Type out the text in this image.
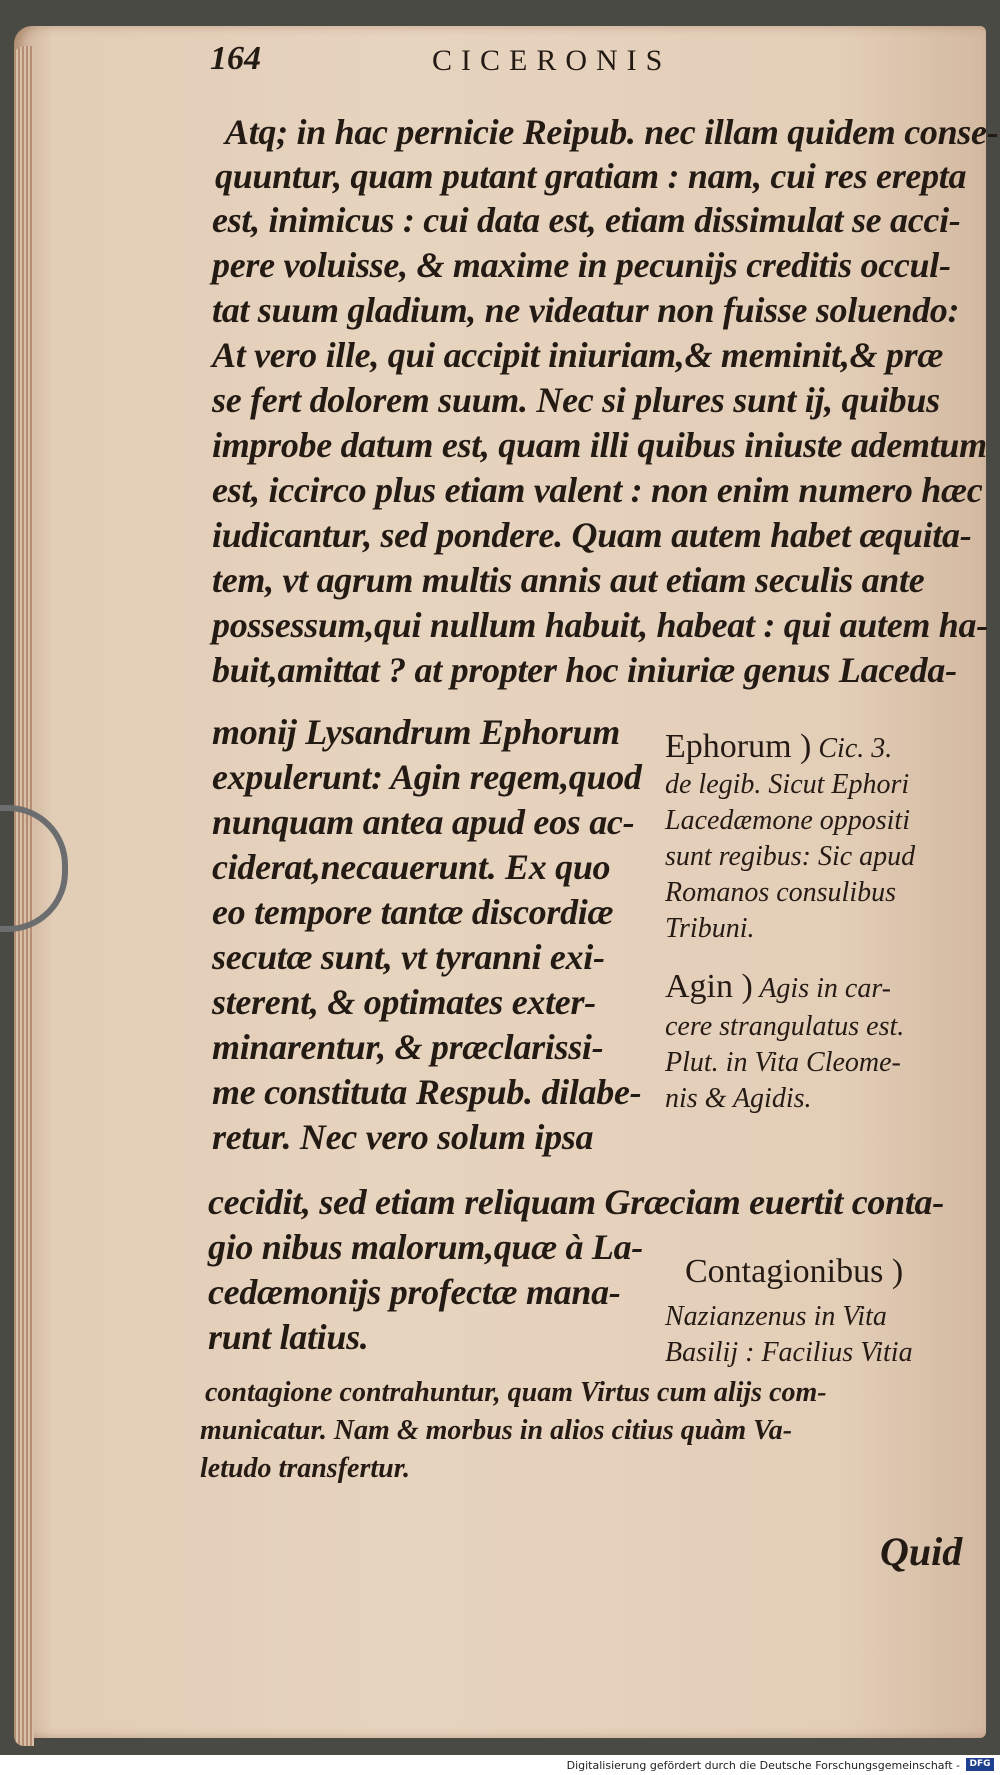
164	CICERONIS
Atq; in hac pernicie Reipub. nec illam quidem conse-
quuntur, quam putant gratiam : nam, cui res erepta
est, inimicus : cui data est, etiam dissimulat se acci-
pere voluisse, & maxime in pecunijs creditis occul-
tat suum gladium, ne videatur non fuisse soluendo:
At vero ille, qui accipit iniuriam,& meminit,& præ
se fert dolorem suum. Nec si plures sunt ij, quibus
improbe datum est, quam illi quibus iniuste ademtum
est, iccirco plus etiam valent : non enim numero hæc
iudicantur, sed pondere. Quam autem habet æquita-
tem, vt agrum multis annis aut etiam seculis ante
possessum,qui nullum habuit, habeat : qui autem ha-
buit,amittat ? at propter hoc iniuriæ genus Laceda-
monij Lysandrum Ephorum
expulerunt: Agin regem,quod
nunquam antea apud eos ac-
ciderat,necauerunt. Ex quo
eo tempore tantæ discordiæ
secutæ sunt, vt tyranni exi-
sterent, & optimates exter-
minarentur, & præclarissi-
me constituta Respub. dilabe-
retur. Nec vero solum ipsa
cecidit, sed etiam reliquam Græciam euertit conta-
gio nibus malorum,quæ à La-
cedæmonijs profectæ mana-
runt latius.
Ephorum ) Cic. 3.
de legib. Sicut Ephori
Lacedæmone oppositi
sunt regibus: Sic apud
Romanos consulibus
Tribuni.
Agin ) Agis in car-
cere strangulatus est.
Plut. in Vita Cleome-
nis & Agidis.
Contagionibus )
Nazianzenus in Vita
Basilij : Facilius Vitia
contagione contrahuntur, quam Virtus cum alijs com-
municatur. Nam & morbus in alios citius quàm Va-
letudo transfertur.
Quid
Digitalisierung gefördert durch die Deutsche Forschungsgemeinschaft -	DFG
